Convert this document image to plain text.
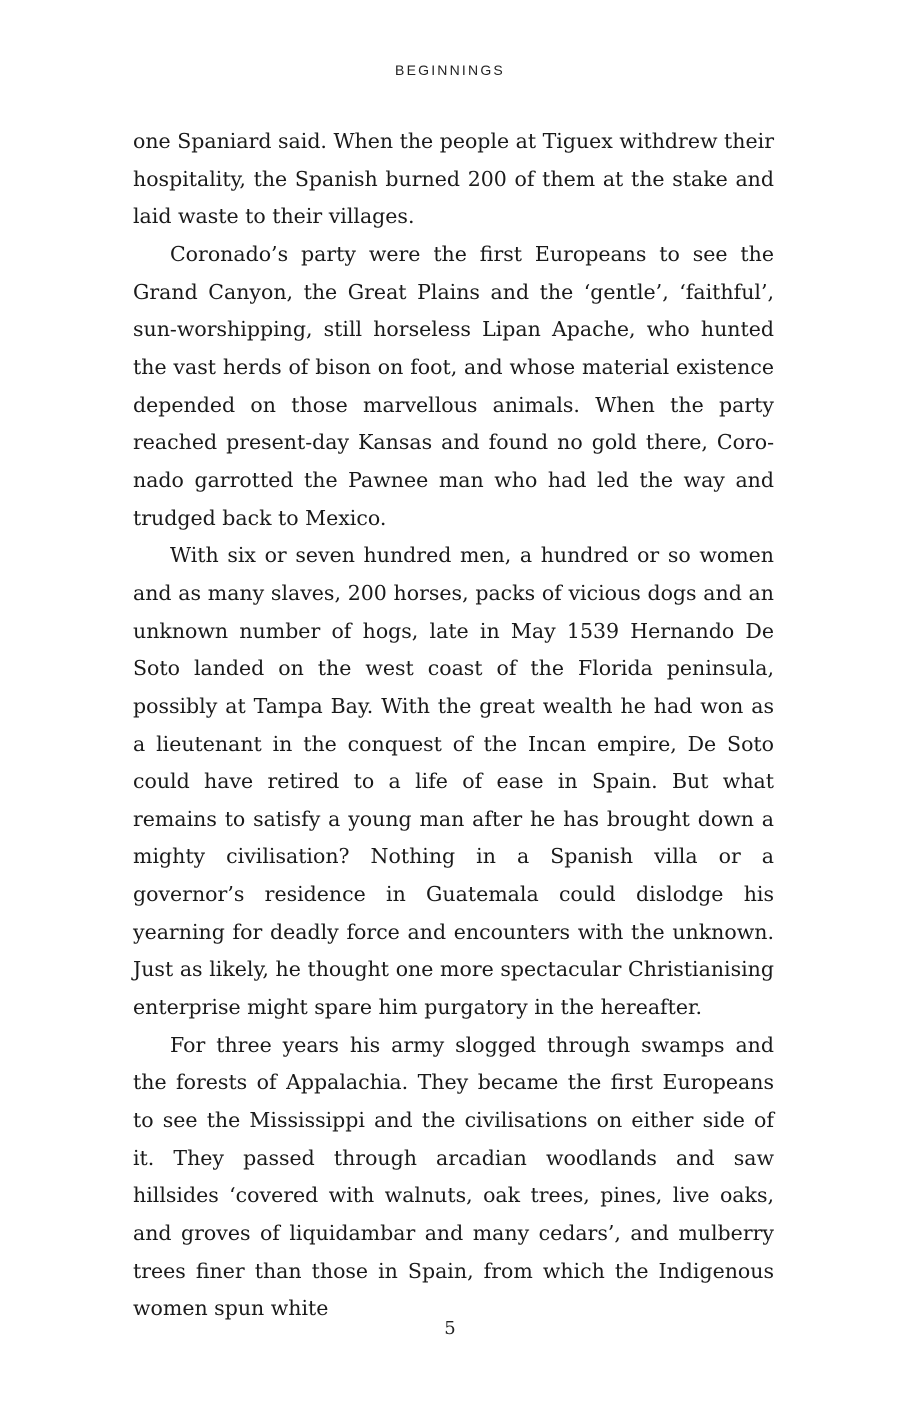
BEGINNINGS

one Spaniard said. When the people at Tiguex withdrew their hospitality, the Spanish burned 200 of them at the stake and laid waste to their villages.

Coronado’s party were the first Europeans to see the Grand Canyon, the Great Plains and the ‘gentle’, ‘faithful’, sun-worshipping, still horseless Lipan Apache, who hunted the vast herds of bison on foot, and whose material existence depended on those marvellous animals. When the party reached present-day Kansas and found no gold there, Coronado garrotted the Pawnee man who had led the way and trudged back to Mexico.

With six or seven hundred men, a hundred or so women and as many slaves, 200 horses, packs of vicious dogs and an unknown number of hogs, late in May 1539 Hernando De Soto landed on the west coast of the Florida peninsula, possibly at Tampa Bay. With the great wealth he had won as a lieutenant in the conquest of the Incan empire, De Soto could have retired to a life of ease in Spain. But what remains to satisfy a young man after he has brought down a mighty civilisation? Nothing in a Spanish villa or a governor’s residence in Guatemala could dislodge his yearning for deadly force and encounters with the unknown. Just as likely, he thought one more spectacular Christianising enterprise might spare him purgatory in the hereafter.

For three years his army slogged through swamps and the forests of Appalachia. They became the first Europeans to see the Mississippi and the civilisations on either side of it. They passed through arcadian woodlands and saw hillsides ‘covered with walnuts, oak trees, pines, live oaks, and groves of liquidambar and many cedars’, and mulberry trees finer than those in Spain, from which the Indigenous women spun white

5
